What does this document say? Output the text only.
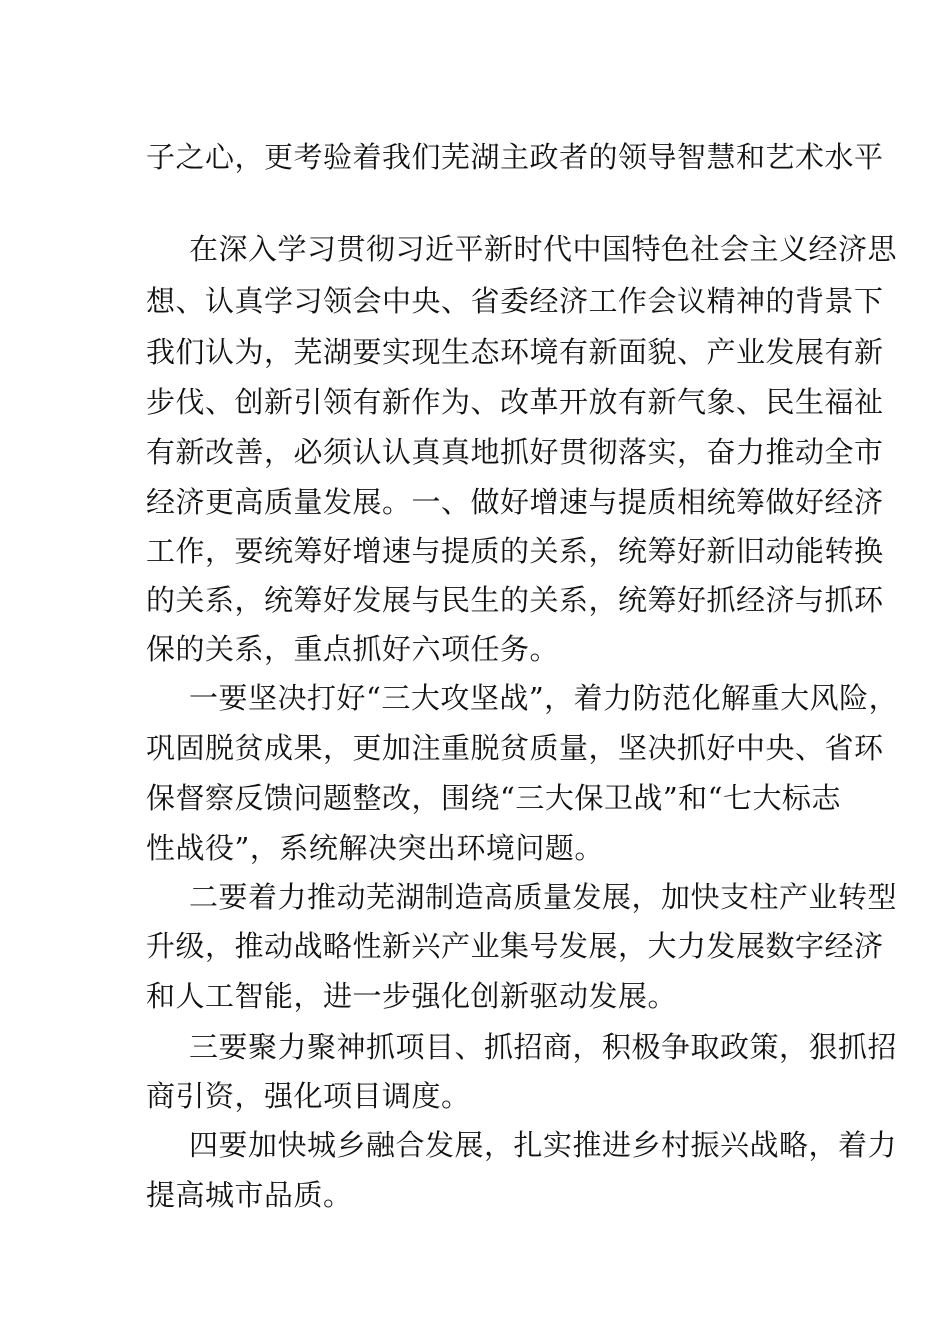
子之心，更考验着我们芜湖主政者的领导智慧和艺术水平

在深入学习贯彻习近平新时代中国特色社会主义经济思

想、认真学习领会中央、省委经济工作会议精神的背景下

我们认为，芜湖要实现生态环境有新面貌、产业发展有新

步伐、创新引领有新作为、改革开放有新气象、民生福祉

有新改善，必须认认真真地抓好贯彻落实，奋力推动全市

经济更高质量发展。一、做好增速与提质相统筹做好经济

工作，要统筹好增速与提质的关系，统筹好新旧动能转换

的关系，统筹好发展与民生的关系，统筹好抓经济与抓环

保的关系，重点抓好六项任务。

一要坚决打好“三大攻坚战”，着力防范化解重大风险，

巩固脱贫成果，更加注重脱贫质量，坚决抓好中央、省环

保督察反馈问题整改，围绕“三大保卫战”和“七大标志

性战役”，系统解决突出环境问题。

二要着力推动芜湖制造高质量发展，加快支柱产业转型

升级，推动战略性新兴产业集号发展，大力发展数字经济

和人工智能，进一步强化创新驱动发展。

三要聚力聚神抓项目、抓招商，积极争取政策，狠抓招

商引资，强化项目调度。

四要加快城乡融合发展，扎实推进乡村振兴战略，着力

提高城市品质。
